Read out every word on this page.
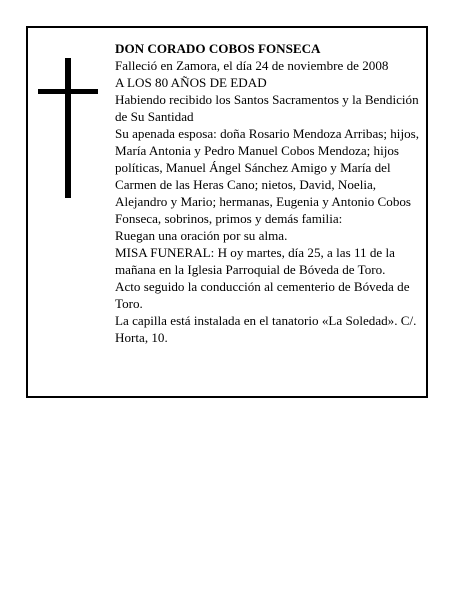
DON CORADO COBOS FONSECA

Falleció en Zamora, el día 24 de noviembre de 2008

A LOS 80 AÑOS DE EDAD

Habiendo recibido los Santos Sacramentos y la Bendición de Su Santidad

Su apenada esposa: doña Rosario Mendoza Arribas; hijos, María Antonia y Pedro Manuel Cobos Mendoza; hijos políticas, Manuel Ángel Sánchez Amigo y María del Carmen de las Heras Cano; nietos, David, Noelia, Alejandro y Mario; hermanas, Eugenia y Antonio Cobos Fonseca, sobrinos, primos y demás familia:

Ruegan una oración por su alma.

MISA FUNERAL: H oy martes, día 25, a las 11 de la mañana en la Iglesia Parroquial de Bóveda de Toro.

Acto seguido la conducción al cementerio de Bóveda de Toro.

La capilla está instalada en el tanatorio «La Soledad». C/. Horta, 10.
